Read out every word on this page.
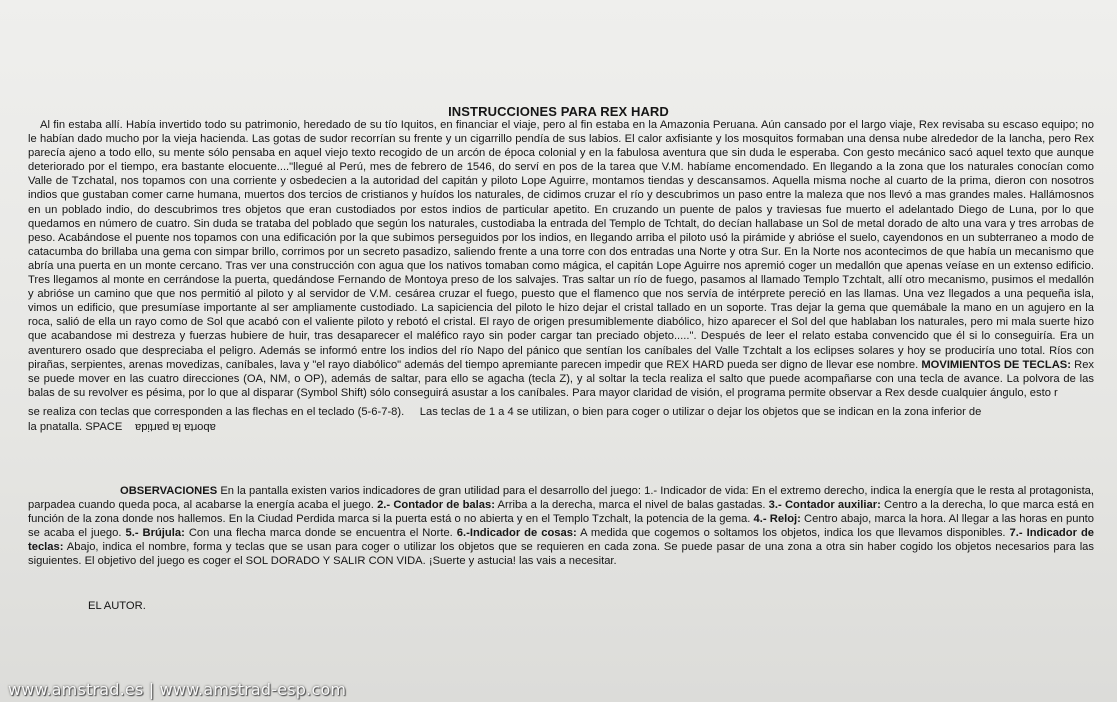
INSTRUCCIONES PARA REX HARD

Al fin estaba allí. Había invertido todo su patrimonio, heredado de su tío Iquitos, en financiar el viaje, pero al fin estaba en la Amazonia Peruana. Aún cansado por el largo viaje, Rex revisaba su escaso equipo; no le habían dado mucho por la vieja hacienda. Las gotas de sudor recorrían su frente y un cigarrillo pendía de sus labios. El calor axfisiante y los mosquitos formaban una densa nube alrededor de la lancha, pero Rex parecía ajeno a todo ello, su mente sólo pensaba en aquel viejo texto recogido de un arcón de época colonial y en la fabulosa aventura que sin duda le esperaba. Con gesto mecánico sacó aquel texto que aunque deteriorado por el tiempo, era bastante elocuente...."llegué al Perú, mes de febrero de 1546, do serví en pos de la tarea que V.M. habíame encomendado. En llegando a la zona que los naturales conocían como Valle de Tzchatal, nos topamos con una corriente y osbedecien a la autoridad del capitán y piloto Lope Aguirre, montamos tiendas y descansamos. Aquella misma noche al cuarto de la prima, dieron con nosotros indios que gustaban comer carne humana, muertos dos tercios de cristianos y huídos los naturales, de cidimos cruzar el río y descubrimos un paso entre la maleza que nos llevó a mas grandes males. Hallámosnos en un poblado indio, do descubrimos tres objetos que eran custodiados por estos indios de particular apetito. En cruzando un puente de palos y traviesas fue muerto el adelantado Diego de Luna, por lo que quedamos en número de cuatro. Sin duda se trataba del poblado que según los naturales, custodiaba la entrada del Templo de Tchtalt, do decían hallabase un Sol de metal dorado de alto una vara y tres arrobas de peso. Acabándose el puente nos topamos con una edificación por la que subimos perseguidos por los indios, en llegando arriba el piloto usó la pirámide y abrióse el suelo, cayendonos en un subterraneo a modo de catacumba do brillaba una gema con simpar brillo, corrimos por un secreto pasadizo, saliendo frente a una torre con dos entradas una Norte y otra Sur. En la Norte nos acontecimos de que había un mecanismo que abría una puerta en un monte cercano. Tras ver una construcción con agua que los nativos tomaban como mágica, el capitán Lope Aguirre nos apremió coger un medallón que apenas veíase en un extenso edificio. Tres llegamos al monte en cerrándose la puerta, quedándose Fernando de Montoya preso de los salvajes. Tras saltar un río de fuego, pasamos al llamado Templo Tzchtalt, allí otro mecanismo, pusimos el medallón y abrióse un camino que que nos permitió al piloto y al servidor de V.M. cesárea cruzar el fuego, puesto que el flamenco que nos servía de intérprete pereció en las llamas. Una vez llegados a una pequeña isla, vimos un edificio, que presumíase importante al ser ampliamente custodiado. La sapiciencia del piloto le hizo dejar el cristal tallado en un soporte. Tras dejar la gema que quemábale la mano en un agujero en la roca, salió de ella un rayo como de Sol que acabó con el valiente piloto y rebotó el cristal. El rayo de origen presumiblemente diabólico, hizo aparecer el Sol del que hablaban los naturales, pero mi mala suerte hizo que acabandose mi destreza y fuerzas hubiere de huir, tras desaparecer el maléfico rayo sin poder cargar tan preciado objeto.....". Después de leer el relato estaba convencido que él si lo conseguiría. Era un aventurero osado que despreciaba el peligro. Además se informó entre los indios del río Napo del pánico que sentían los caníbales del Valle Tzchtalt a los eclipses solares y hoy se produciría uno total. Ríos con pirañas, serpientes, arenas movedizas, caníbales, lava y "el rayo diabólico" además del tiempo apremiante parecen impedir que REX HARD pueda ser digno de llevar ese nombre. MOVIMIENTOS DE TECLAS: Rex se puede mover en las cuatro direcciones (OA, NM, o OP), además de saltar, para ello se agacha (tecla Z), y al soltar la tecla realiza el salto que puede acompañarse con una tecla de avance. La polvora de las balas de su revolver es pésima, por lo que al disparar (Symbol Shift) sólo conseguirá asustar a los caníbales. Para mayor claridad de visión, el programa permite observar a Rex desde cualquier ángulo, esto r

se realiza con teclas que corresponden a las flechas en el teclado (5-6-7-8). Las teclas de 1 a 4 se utilizan, o bien para coger o utilizar o dejar los objetos que se indican en la zona inferior de

la pnatalla. SPACE aborta la partida

OBSERVACIONES En la pantalla existen varios indicadores de gran utilidad para el desarrollo del juego: 1.- Indicador de vida: En el extremo derecho, indica la energía que le resta al protagonista, parpadea cuando queda poca, al acabarse la energía acaba el juego. 2.- Contador de balas: Arriba a la derecha, marca el nivel de balas gastadas. 3.- Contador auxiliar: Centro a la derecha, lo que marca está en función de la zona donde nos hallemos. En la Ciudad Perdida marca si la puerta está o no abierta y en el Templo Tzchalt, la potencia de la gema. 4.- Reloj: Centro abajo, marca la hora. Al llegar a las horas en punto se acaba el juego. 5.- Brújula: Con una flecha marca donde se encuentra el Norte. 6.-Indicador de cosas: A medida que cogemos o soltamos los objetos, indica los que llevamos disponibles. 7.- Indicador de teclas: Abajo, indica el nombre, forma y teclas que se usan para coger o utilizar los objetos que se requieren en cada zona. Se puede pasar de una zona a otra sin haber cogido los objetos necesarios para las siguientes. El objetivo del juego es coger el SOL DORADO Y SALIR CON VIDA. ¡Suerte y astucia! las vais a necesitar.

EL AUTOR.
www.amstrad.es | www.amstrad-esp.com
